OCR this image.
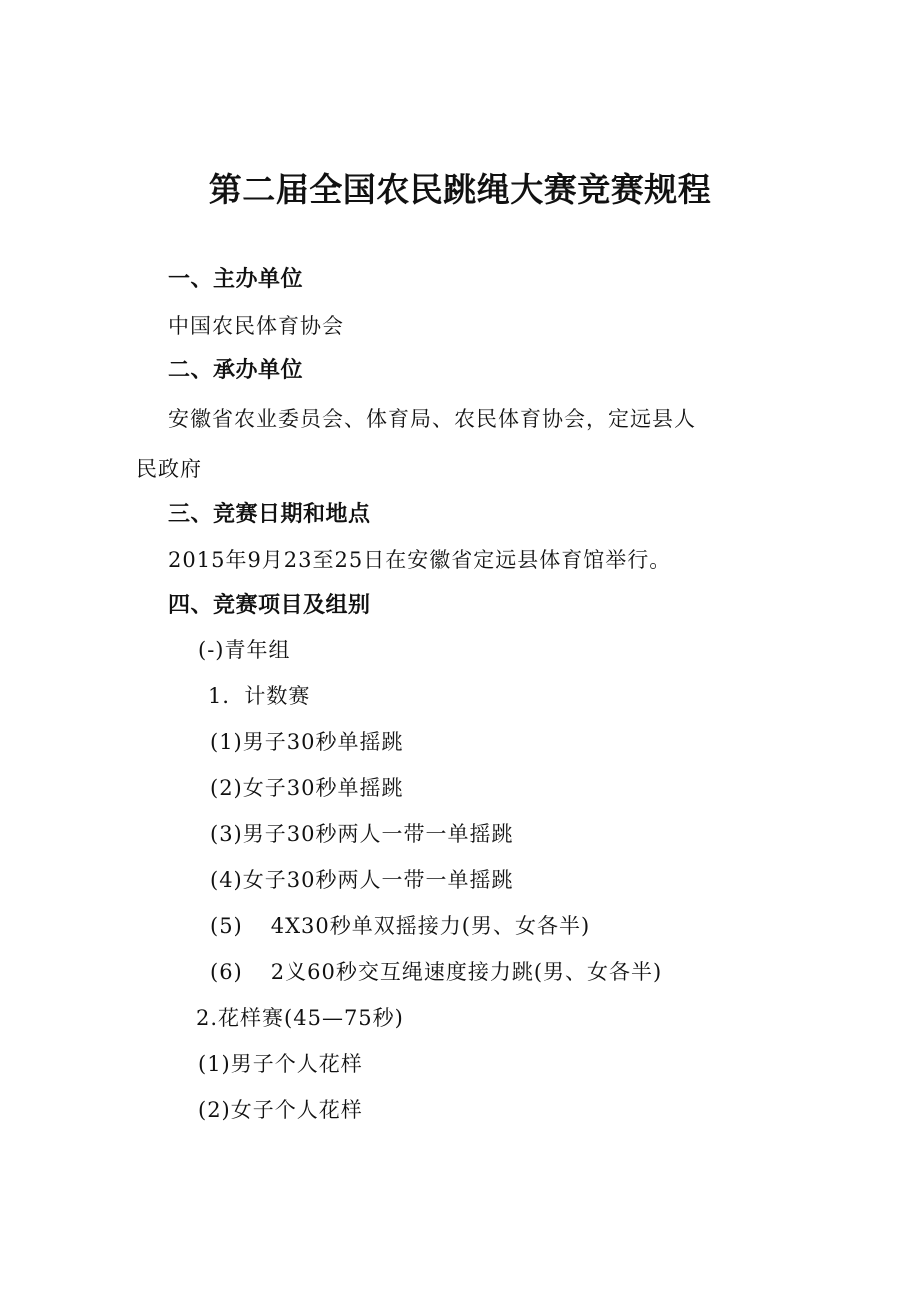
第二届全国农民跳绳大赛竞赛规程
一、主办单位
中国农民体育协会
二、承办单位
安徽省农业委员会、体育局、农民体育协会，定远县人
民政府
三、竞赛日期和地点
2015年9月23至25日在安徽省定远县体育馆举行。
四、竞赛项目及组别
(-)青年组
1．计数赛
(1)男子30秒单摇跳
(2)女子30秒单摇跳
(3)男子30秒两人一带一单摇跳
(4)女子30秒两人一带一单摇跳
(5) 4X30秒单双摇接力(男、女各半)
(6) 2义60秒交互绳速度接力跳(男、女各半)
2.花样赛(45—75秒)
(1)男子个人花样
(2)女子个人花样
